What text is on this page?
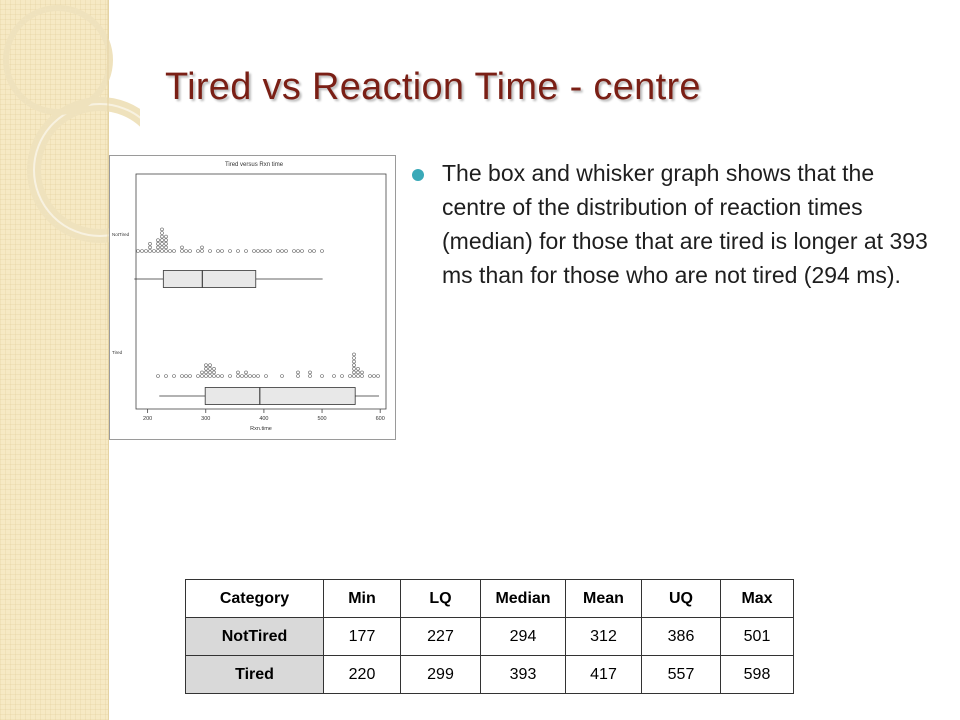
Tired vs Reaction Time - centre
Tired versus Rxn time
200	300	400	500	600
Rxn.time
NotTired
Tired

The box and whisker graph shows that the centre of the distribution of reaction times (median) for those that are tired is longer at 393 ms than for those who are not tired (294 ms).

Category	Min	LQ	Median	Mean	UQ	Max
NotTired	177	227	294	312	386	501
Tired	220	299	393	417	557	598
